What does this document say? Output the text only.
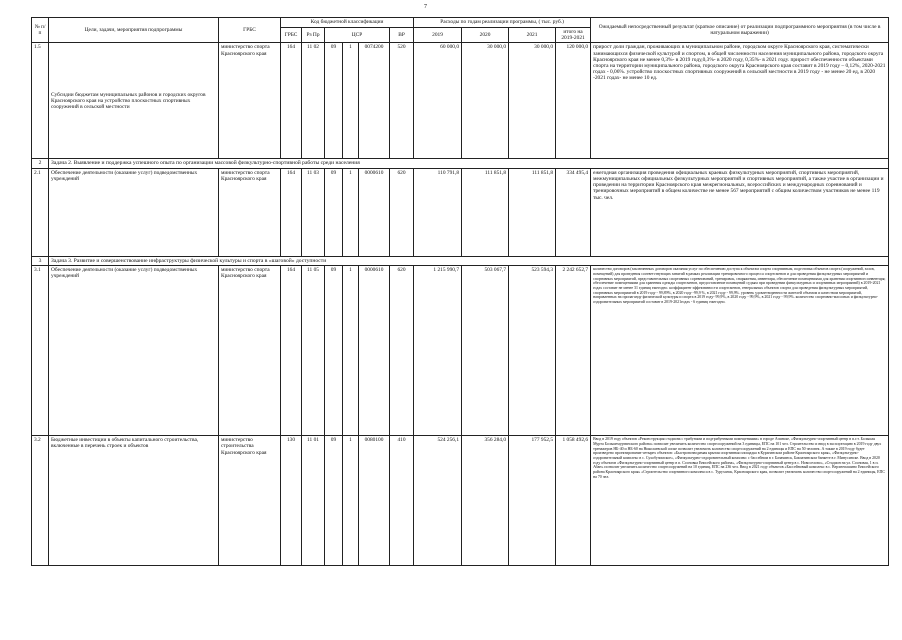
7
№ п/п	Цели, задачи, мероприятия подпрограммы	ГРБС	Код бюджетной классификации						Расходы по годам реализации программы, ( тыс. руб.)				Ожидаемый непосредственный результат (краткое описание) от реализации подпрограммного мероприятия (в том числе в натуральном выражении)
			ГРБС	Рз Пр	ЦСР			ВР	2019	2020	2021	итого на 2019-2021	
1.5	Субсидии бюджетам муниципальных районов и городских округов Красноярского края на устройство плоскостных спортивных сооружений в сельской местности	министерство спорта Красноярского края	164	11 02	09	1	0074200	520	60 000,0	30 000,0	30 000,0	120 000,0	прирост доли граждан, проживающих в муниципальном районе, городском округе Красноярского края, систематически занимающихся физической культурой и спортом, в общей численности населения муниципального района, городского округа Красноярского края не менее 0,3%- в 2019 году,0,3%- в 2020 году, 0,35%- в 2021 году. прирост обеспеченности объектами спорта на территории муниципального района, городского округа Красноярского края составит в 2019 году – 0,12%, 2020-2021 годах - 0,06%. устройство плоскостных спортивных сооружений в сельской местности в 2019 году - не менее 20 ед, в 2020 -2021 годах- не менее 10 ед.
2	Задача 2. Выявление и поддержка успешного опыта по организации массовой физкультурно-спортивной работы среди населения												
2.1	Обеспечение деятельности (оказание услуг) подведомственных учреждений	министерство спорта Красноярского края	164	11 03	09	1	0000610	620	110 791,8	111 851,8	111 851,8	334 495,4	ежегодная организация проведения официальных краевых физкультурных мероприятий, спортивных мероприятий, межмуниципальных официальных физкультурных мероприятий и спортивных мероприятий, а также участие в организации и проведении на территории Красноярского края межрегиональных, всероссийских и международных соревнований и тренировочных мероприятий в общем количестве не менее 567 мероприятий с общим количеством участников не менее 119 тыс. чел.
3	Задача 3. Развитие и совершенствование инфраструктуры физической культуры и спорта в «шаговой» доступности												
3.1	Обеспечение деятельности (оказание услуг) подведомственных учреждений	министерство спорта Красноярского края	164	11 05	09	1	0000610	620	1 215 990,7	503 067,7	523 594,3	2 242 652,7	количество договоров (заключенных договоров оказания услуг по обеспечению доступа к объектам спорта спортивным, подготовка объектов спорта (сооружений, залов, помещений) для проведения соответствующих занятий в рамках реализации тренировочного процесса спортсменов и для проведения физкультурных мероприятий и спортивных мероприятий, представительных спортивных соревнований, тренировок, снаряжения, инвентаря, обеспечение помещениями для хранения спортивного инвентаря; обеспечение помещениями для хранения одежды спортсменов, предоставление помещений судьям при проведении физкультурных и спортивных мероприятий) в 2019-2021 годах составит не менее 31 единиц ежегодно. коэффициент эффективности спортсменов, генеральных объектов спорта для проведения физкультурных мероприятий, спортивных мероприятий в 2019 году - 99,89%, в 2020 году -99,9 %, в 2021 году - 99,9%. уровень удовлетворенности жителей объемом и качеством мероприятий, направленных на пропаганду физической культуры и спорта в 2019 году- 99,9%, в 2020 году - 99,9%, в 2021 году - 99,9%. количество спортивно-массовых и физкультурно-оздоровительных мероприятий составит в 2019-2021годах - 6 единиц ежегодно.
3.2	Бюджетные инвестиции в объекты капитального строительства, включенные в перечень строек и объектов	министерство строительства Красноярского края	130	11 01	09	1	0080100	410	524 256,1	356 284,0	177 952,5	1 058 492,6	Ввод в 2019 году объектов «Реконструкция стадиона с трибунами и подтрибунными помещениями» в городе Ачинске, «Физкультурно-спортивный центр в п.г.т. Большая Мурта Большемуртинского района» позволит увеличить количество спортсооружений на 3 единицы, ЕПС на 101 чел. Строительство и ввод в эксплуатацию в 2019 году двух тренажеров НБ-40 и НБ-60 на Николаевской сопке позволит увеличить количество спортсооружений на 2 единицы и ЕПС на 50 человек. А также в 2019 году будет произведено проектирование четырех объектов: «Быстровозводимая крытая спортивная площадка в Курагинском районе Красноярского края», «Физкультурно-оздоровительный комплекс в с. Сухобузимское», «Физкультурно-оздоровительный комплекс с бассейном в г. Бачачинск, Бакчатинском банкете в г. Минусинске. Ввод в 2020 году объектов «Физкультурно-спортивный центр в п. Сосновка Енисейского района», «Физкультурно-спортивный центр в с. Новоселово», «Стадион на ул. Сосновая, 1 в п. Абан» позволит увеличить количество спортсооружений на 10 единиц, ЕПС на 236 чел. Ввод в 2021 году объектов «Бассейновый комплекс в с. Верхнепашино Енисейского района Красноярского края» «Строительство спортивного комплекса в с. Туруханск, Красноярского края, позволит увеличить количество спортсооружений на 2 единицы, ЕПС на 70 чел.
